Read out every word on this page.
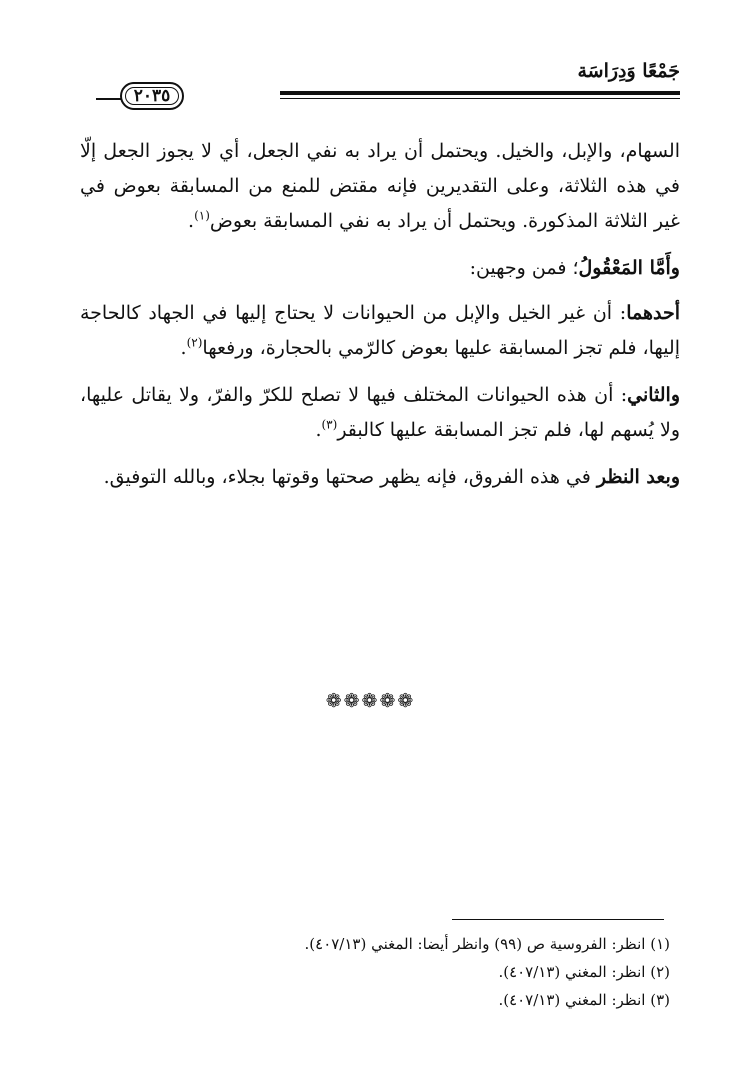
جَمْعًا وَدِرَاسَة
٢٠٣٥

السهام، والإبل، والخيل. ويحتمل أن يراد به نفي الجعل، أي لا يجوز الجعل إلّا في هذه الثلاثة، وعلى التقديرين فإنه مقتض للمنع من المسابقة بعوض في غير الثلاثة المذكورة. ويحتمل أن يراد به نفي المسابقة بعوض$^{(١)}$.

وأَمَّا المَعْقُولُ؛ فمن وجهين:

أحدهما: أن غير الخيل والإبل من الحيوانات لا يحتاج إليها في الجهاد كالحاجة إليها، فلم تجز المسابقة عليها بعوض كالرّمي بالحجارة، ورفعها$^{(٢)}$.

والثاني: أن هذه الحيوانات المختلف فيها لا تصلح للكرّ والفرّ، ولا يقاتل عليها، ولا يُسهم لها، فلم تجز المسابقة عليها كالبقر$^{(٣)}$.

وبعد النظر في هذه الفروق، فإنه يظهر صحتها وقوتها بجلاء، وبالله التوفيق.

❁❁❁❁❁

(١) انظر: الفروسية ص (٩٩) وانظر أيضا: المغني (٤٠٧/١٣).

(٢) انظر: المغني (٤٠٧/١٣).

(٣) انظر: المغني (٤٠٧/١٣).
